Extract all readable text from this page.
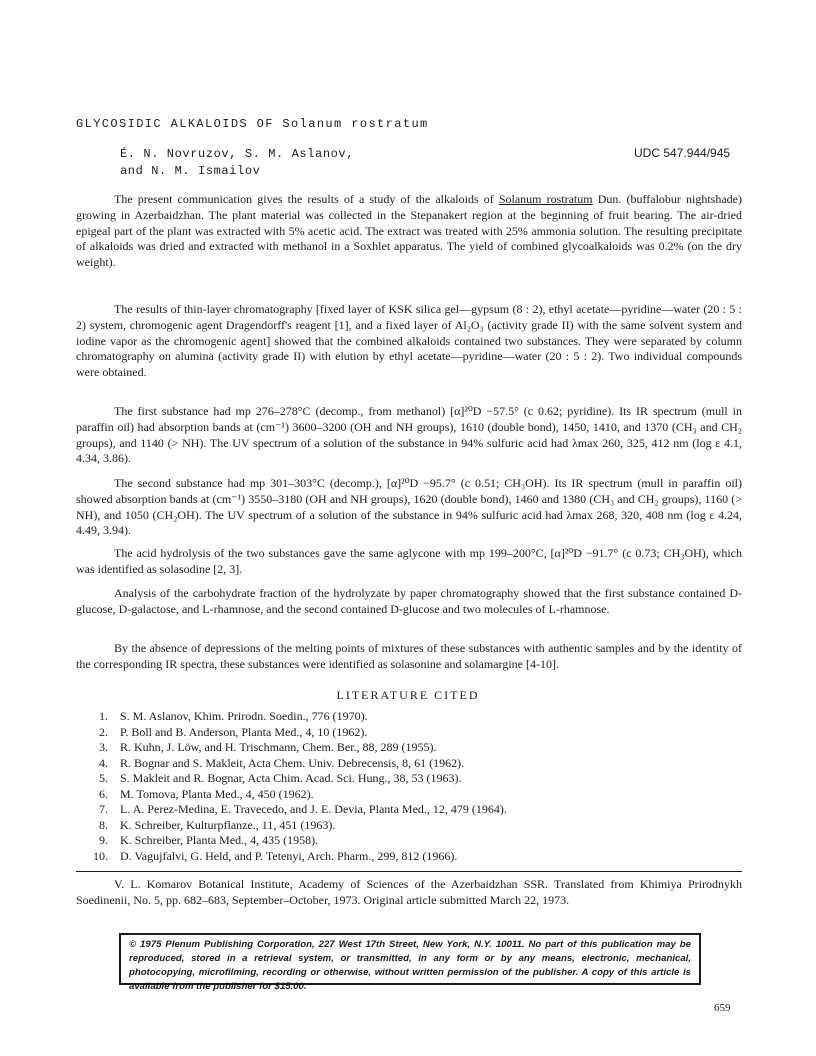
GLYCOSIDIC ALKALOIDS OF Solanum rostratum
É. N. Novruzov, S. M. Aslanov,
and N. M. Ismailov
UDC 547.944/945

The present communication gives the results of a study of the alkaloids of Solanum rostratum Dun. (buffalobur nightshade) growing in Azerbaidzhan. The plant material was collected in the Stepanakert region at the beginning of fruit bearing. The air-dried epigeal part of the plant was extracted with 5% acetic acid. The extract was treated with 25% ammonia solution. The resulting precipitate of alkaloids was dried and extracted with methanol in a Soxhlet apparatus. The yield of combined glycoalkaloids was 0.2% (on the dry weight).

The results of thin-layer chromatography [fixed layer of KSK silica gel—gypsum (8 : 2), ethyl acetate—pyridine—water (20 : 5 : 2) system, chromogenic agent Dragendorff's reagent [1], and a fixed layer of Al₂O₃ (activity grade II) with the same solvent system and iodine vapor as the chromogenic agent] showed that the combined alkaloids contained two substances. They were separated by column chromatography on alumina (activity grade II) with elution by ethyl acetate—pyridine—water (20 : 5 : 2). Two individual compounds were obtained.

The first substance had mp 276–278°C (decomp., from methanol) [α]²⁰D −57.5° (c 0.62; pyridine). Its IR spectrum (mull in paraffin oil) had absorption bands at (cm⁻¹) 3600–3200 (OH and NH groups), 1610 (double bond), 1450, 1410, and 1370 (CH₃ and CH₂ groups), and 1140 (> NH). The UV spectrum of a solution of the substance in 94% sulfuric acid had λmax 260, 325, 412 nm (log ε 4.1, 4.34, 3.86).

The second substance had mp 301–303°C (decomp.), [α]²⁰D −95.7° (c 0.51; CH₃OH). Its IR spectrum (mull in paraffin oil) showed absorption bands at (cm⁻¹) 3550–3180 (OH and NH groups), 1620 (double bond), 1460 and 1380 (CH₃ and CH₂ groups), 1160 (> NH), and 1050 (CH₂OH). The UV spectrum of a solution of the substance in 94% sulfuric acid had λmax 268, 320, 408 nm (log ε 4.24, 4.49, 3.94).

The acid hydrolysis of the two substances gave the same aglycone with mp 199–200°C, [α]²⁰D −91.7° (c 0.73; CH₃OH), which was identified as solasodine [2, 3].

Analysis of the carbohydrate fraction of the hydrolyzate by paper chromatography showed that the first substance contained D-glucose, D-galactose, and L-rhamnose, and the second contained D-glucose and two molecules of L-rhamnose.

By the absence of depressions of the melting points of mixtures of these substances with authentic samples and by the identity of the corresponding IR spectra, these substances were identified as solasonine and solamargine [4-10].

LITERATURE CITED
1.	S. M. Aslanov, Khim. Prirodn. Soedin., 776 (1970).
2.	P. Boll and B. Anderson, Planta Med., 4, 10 (1962).
3.	R. Kuhn, J. Löw, and H. Trischmann, Chem. Ber., 88, 289 (1955).
4.	R. Bognar and S. Makleit, Acta Chem. Univ. Debrecensis, 8, 61 (1962).
5.	S. Makleit and R. Bognar, Acta Chim. Acad. Sci. Hung., 38, 53 (1963).
6.	M. Tomova, Planta Med., 4, 450 (1962).
7.	L. A. Perez-Medina, E. Travecedo, and J. E. Devia, Planta Med., 12, 479 (1964).
8.	K. Schreiber, Kulturpflanze., 11, 451 (1963).
9.	K. Schreiber, Planta Med., 4, 435 (1958).
10.	D. Vagujfalvi, G. Held, and P. Tetenyi, Arch. Pharm., 299, 812 (1966).

V. L. Komarov Botanical Institute, Academy of Sciences of the Azerbaidzhan SSR. Translated from Khimiya Prirodnykh Soedinenii, No. 5, pp. 682–683, September–October, 1973. Original article submitted March 22, 1973.

© 1975 Plenum Publishing Corporation, 227 West 17th Street, New York, N.Y. 10011. No part of this publication may be reproduced, stored in a retrieval system, or transmitted, in any form or by any means, electronic, mechanical, photocopying, microfilming, recording or otherwise, without written permission of the publisher. A copy of this article is available from the publisher for $15.00.

659
